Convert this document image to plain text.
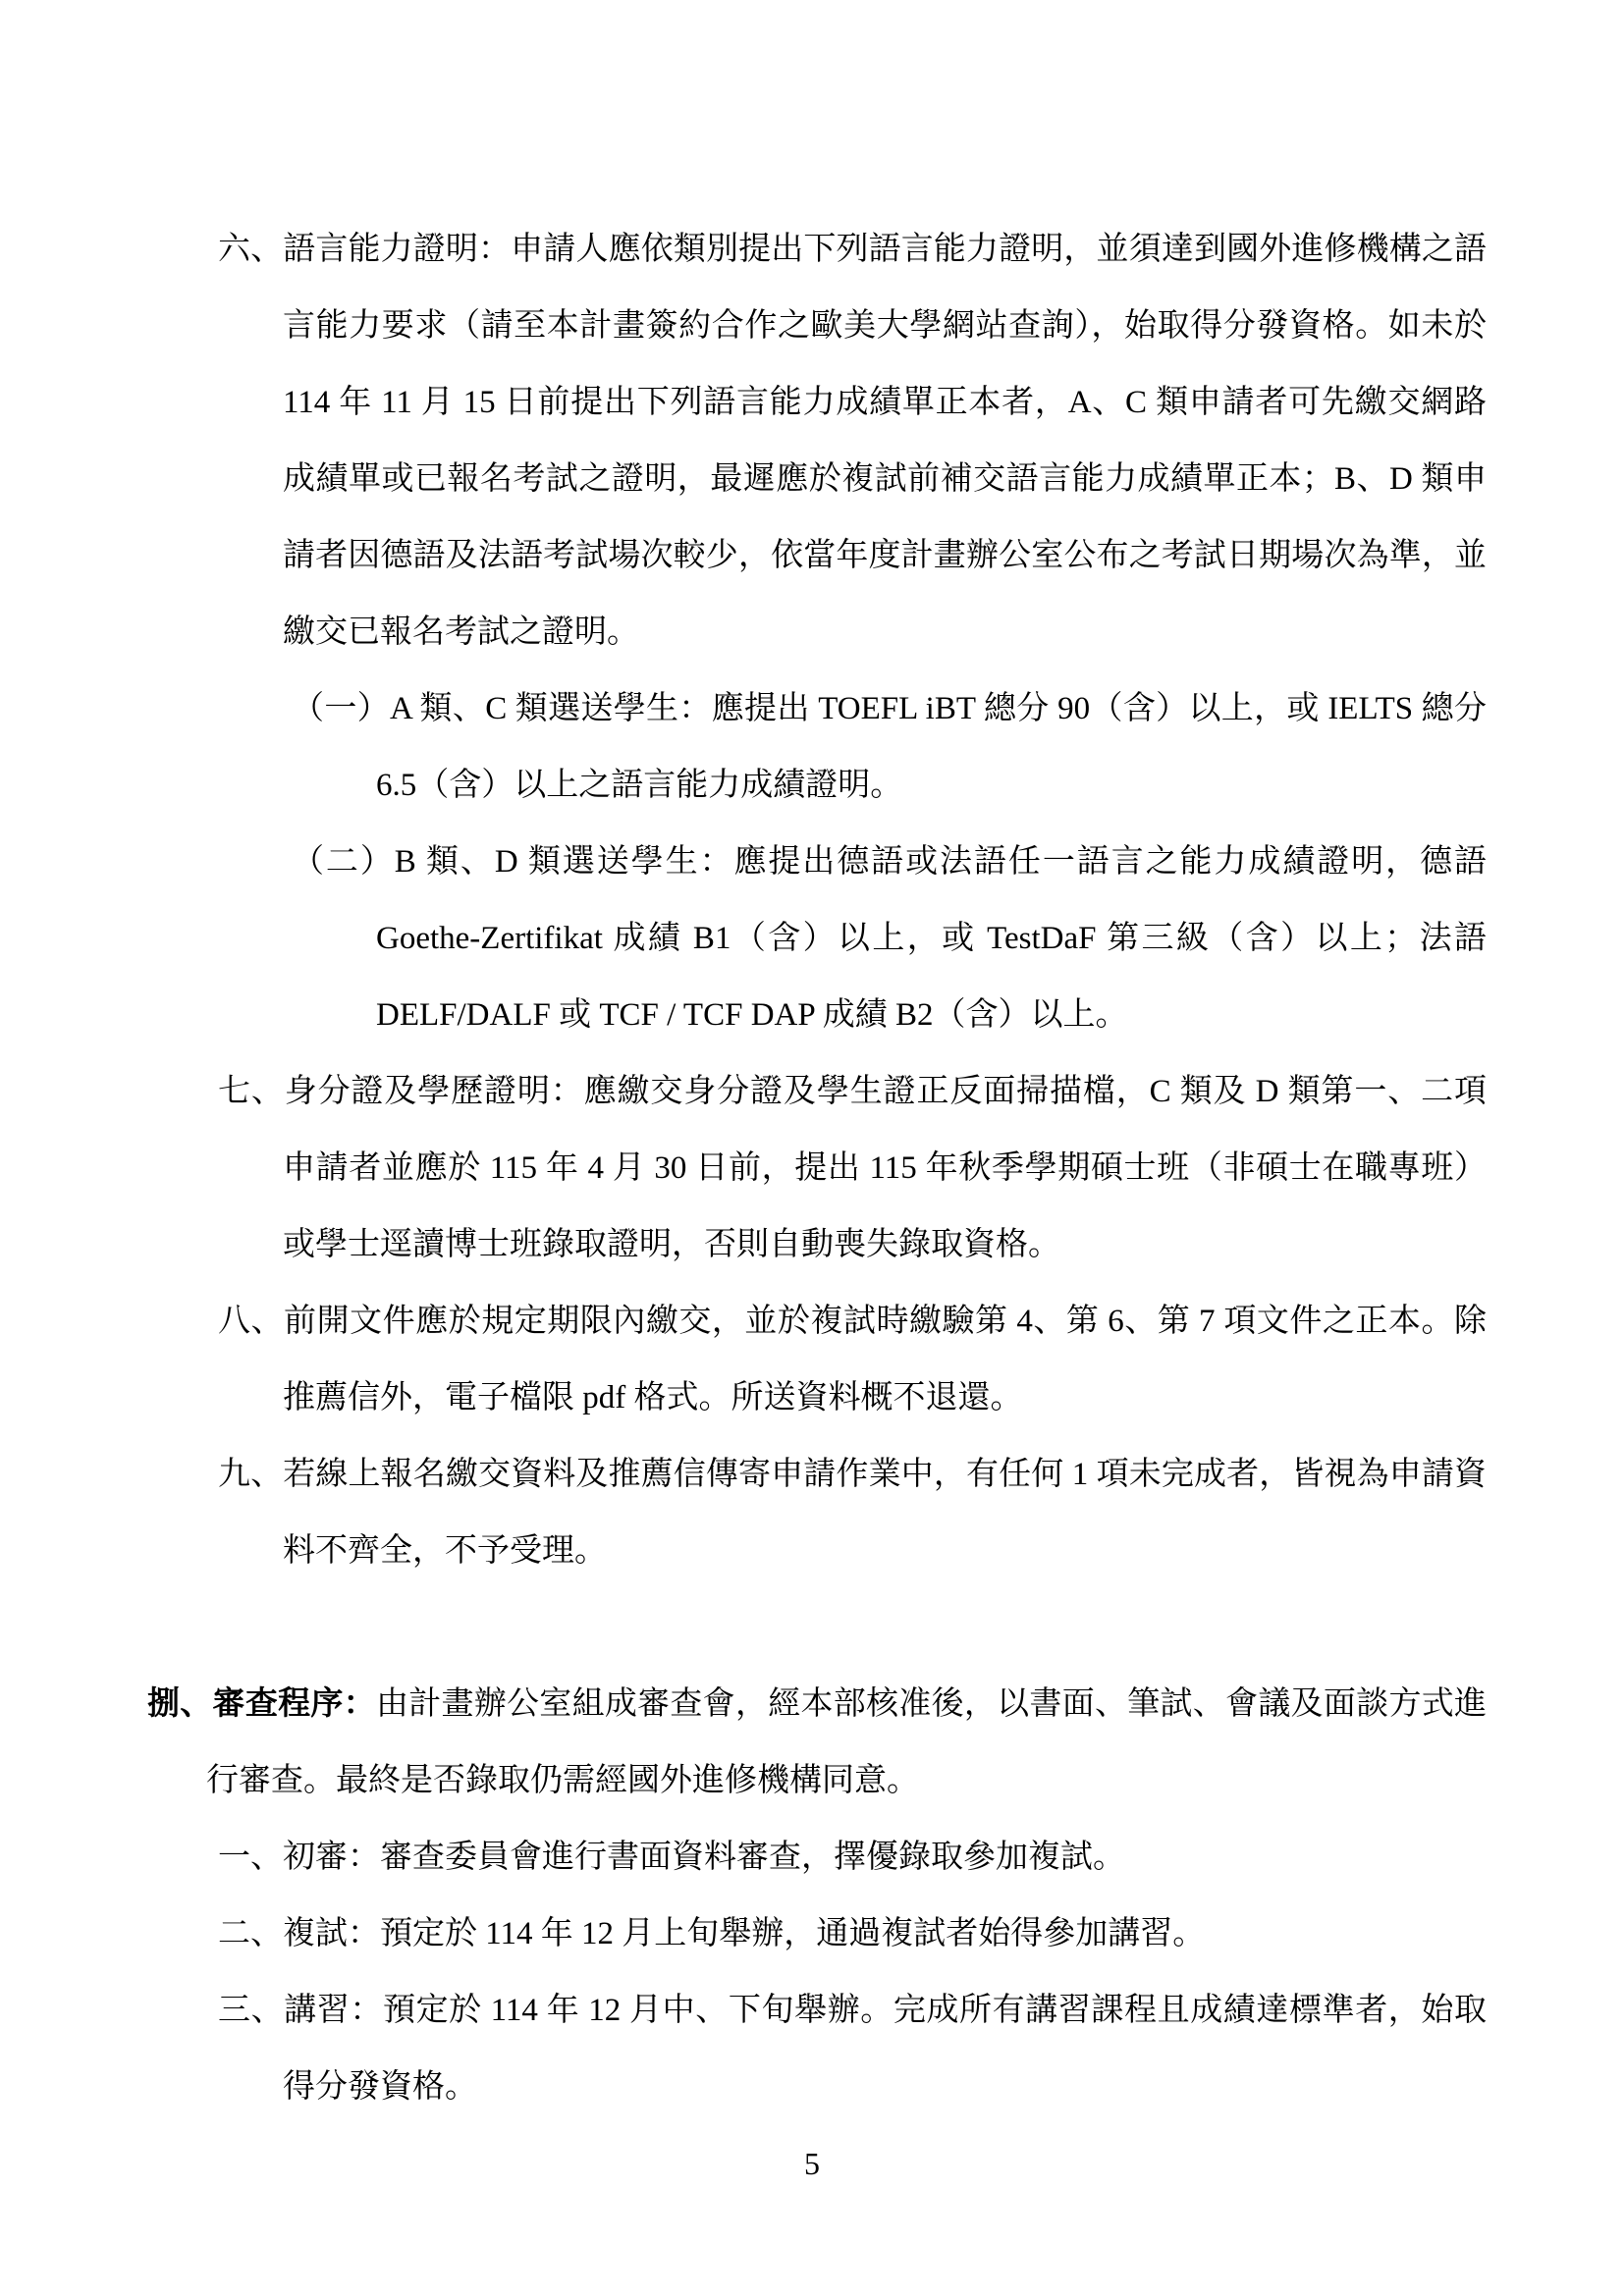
六、語言能力證明：申請人應依類別提出下列語言能力證明，並須達到國外進修機構之語
言能力要求（請至本計畫簽約合作之歐美大學網站查詢），始取得分發資格。如未於
114 年 11 月 15 日前提出下列語言能力成績單正本者，A、C 類申請者可先繳交網路
成績單或已報名考試之證明，最遲應於複試前補交語言能力成績單正本；B、D 類申
請者因德語及法語考試場次較少，依當年度計畫辦公室公布之考試日期場次為準，並
繳交已報名考試之證明。
（一）A 類、C 類選送學生：應提出 TOEFL iBT 總分 90（含）以上，或 IELTS 總分
6.5（含）以上之語言能力成績證明。
（二）B 類、D 類選送學生：應提出德語或法語任一語言之能力成績證明，德語
Goethe-Zertifikat 成績 B1（含）以上，或 TestDaF 第三級（含）以上；法語
DELF/DALF 或 TCF / TCF DAP 成績 B2（含）以上。
七、身分證及學歷證明：應繳交身分證及學生證正反面掃描檔，C 類及 D 類第一、二項
申請者並應於 115 年 4 月 30 日前，提出 115 年秋季學期碩士班（非碩士在職專班）
或學士逕讀博士班錄取證明，否則自動喪失錄取資格。
八、前開文件應於規定期限內繳交，並於複試時繳驗第 4、第 6、第 7 項文件之正本。除
推薦信外，電子檔限 pdf 格式。所送資料概不退還。
九、若線上報名繳交資料及推薦信傳寄申請作業中，有任何 1 項未完成者，皆視為申請資
料不齊全，不予受理。
捌、審查程序：由計畫辦公室組成審查會，經本部核准後，以書面、筆試、會議及面談方式進
行審查。最終是否錄取仍需經國外進修機構同意。
一、初審：審查委員會進行書面資料審查，擇優錄取參加複試。
二、複試：預定於 114 年 12 月上旬舉辦，通過複試者始得參加講習。
三、講習：預定於 114 年 12 月中、下旬舉辦。完成所有講習課程且成績達標準者，始取
得分發資格。
5
